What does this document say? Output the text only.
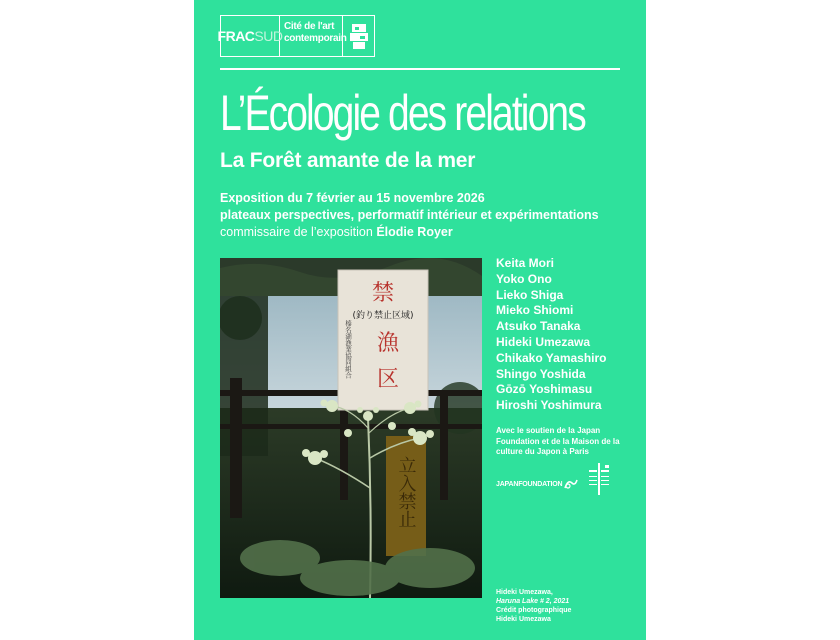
FRAC SUD
Cité de l'art
contemporain
L’Écologie des relations
La Forêt amante de la mer
Exposition du 7 février au 15 novembre 2026
plateaux perspectives, performatif intérieur et expérimentations
commissaire de l’exposition Élodie Royer
禁
(釣り禁止区域)
漁
区
榛名湖漁業協同組合
立入禁止
Keita Mori
Yoko Ono
Lieko Shiga
Mieko Shiomi
Atsuko Tanaka
Hideki Umezawa
Chikako Yamashiro
Shingo Yoshida
Gōzō Yoshimasu
Hiroshi Yoshimura
Avec le soutien de la Japan Foundation et de la Maison de la culture du Japon à Paris
JAPANFOUNDATION
Hideki Umezawa,
Haruna Lake # 2, 2021
Crédit photographique
Hideki Umezawa
